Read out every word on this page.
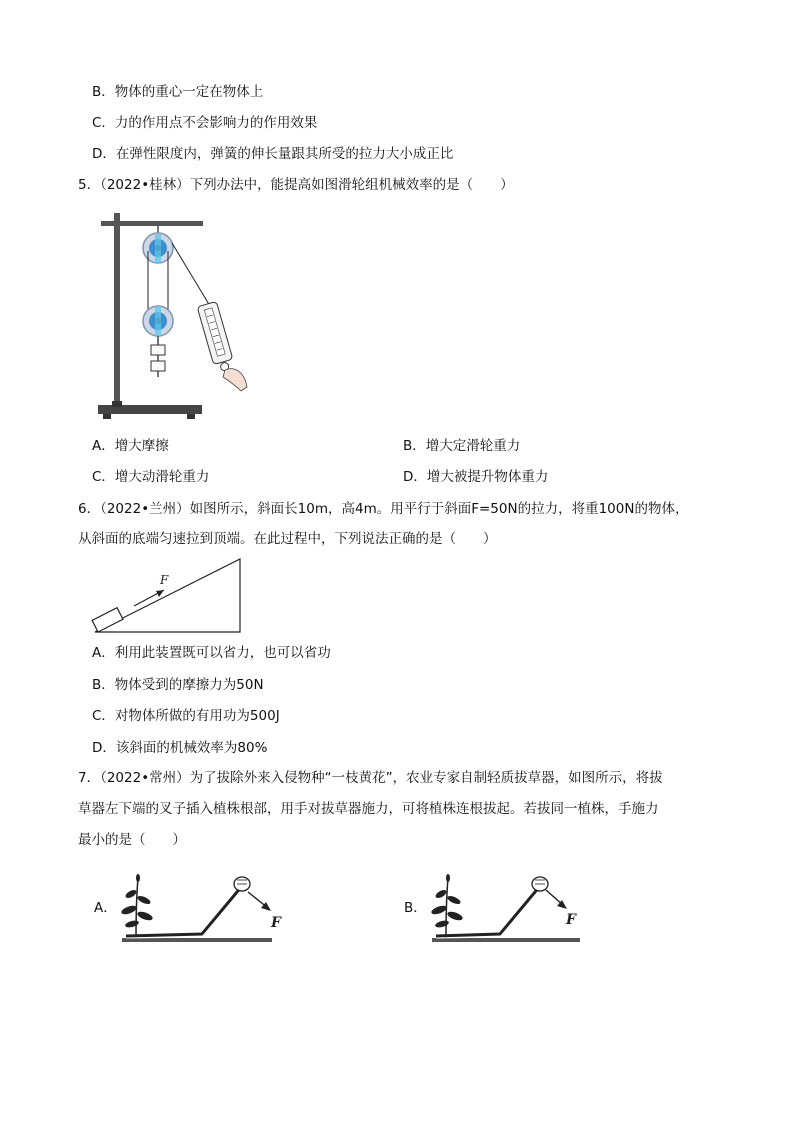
B．物体的重心一定在物体上
C．力的作用点不会影响力的作用效果
D．在弹性限度内，弹簧的伸长量跟其所受的拉力大小成正比
5．（2022•桂林）下列办法中，能提高如图滑轮组机械效率的是（　　）
A．增大摩擦	B．增大定滑轮重力
C．增大动滑轮重力	D．增大被提升物体重力
6．（2022•兰州）如图所示，斜面长10m，高4m。用平行于斜面F=50N的拉力，将重100N的物体，
从斜面的底端匀速拉到顶端。在此过程中，下列说法正确的是（　　）
F
A．利用此装置既可以省力，也可以省功
B．物体受到的摩擦力为50N
C．对物体所做的有用功为500J
D．该斜面的机械效率为80%
7．（2022•常州）为了拔除外来入侵物种“一枝黄花”，农业专家自制轻质拔草器，如图所示，将拔
草器左下端的叉子插入植株根部，用手对拔草器施力，可将植株连根拔起。若拔同一植株，手施力
最小的是（　　）
A．
F
B．
F
